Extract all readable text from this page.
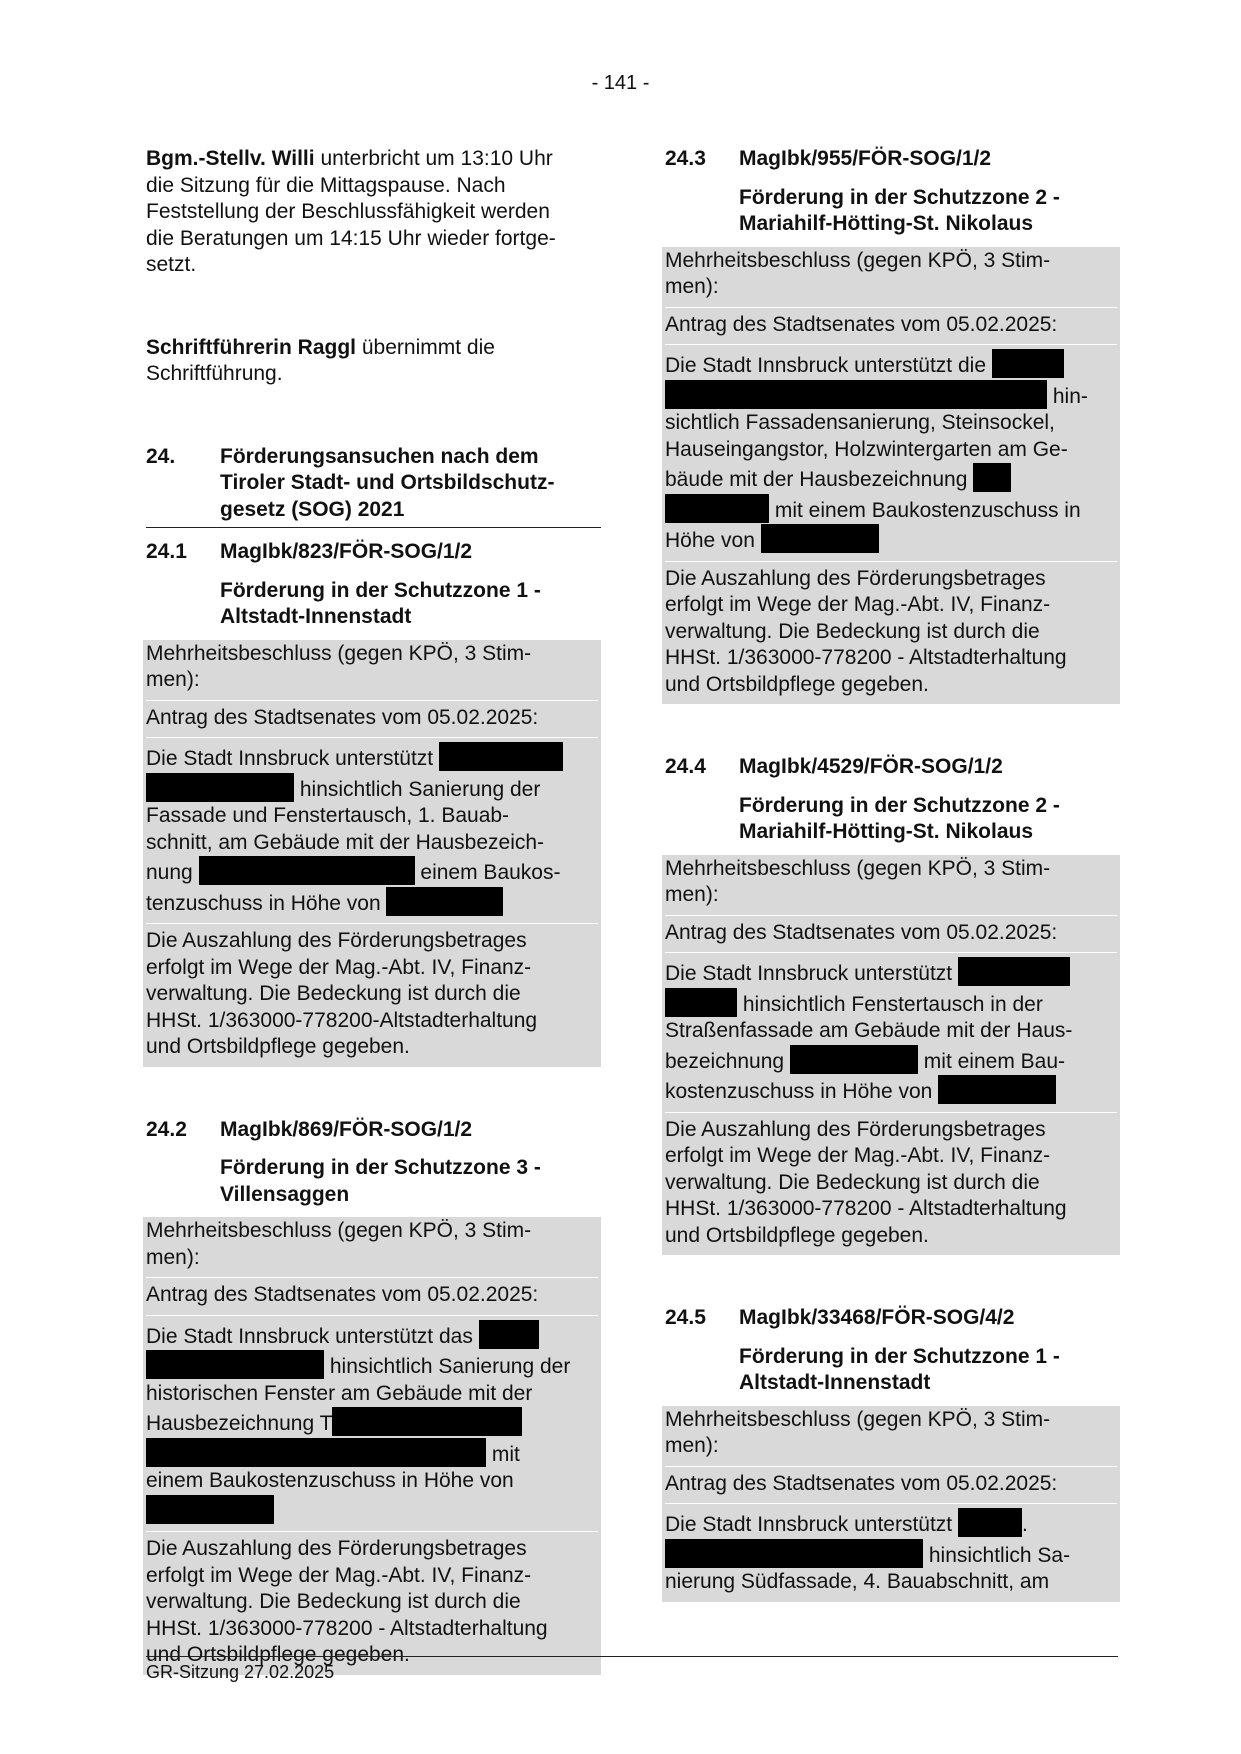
- 141 -

Bgm.-Stellv. Willi unterbricht um 13:10 Uhr

die Sitzung für die Mittagspause. Nach

Feststellung der Beschlussfähigkeit werden

die Beratungen um 14:15 Uhr wieder fortge-

setzt.

Schriftführerin Raggl übernimmt die

Schriftführung.

24.	Förderungsansuchen nach dem
Tiroler Stadt- und Ortsbildschutz-
gesetz (SOG) 2021
24.1	MagIbk/823/FÖR-SOG/1/2
Förderung in der Schutzzone 1 -
Altstadt-Innenstadt

Mehrheitsbeschluss (gegen KPÖ, 3 Stim-

men):

Antrag des Stadtsenates vom 05.02.2025:

Die Stadt Innsbruck unterstützt

hinsichtlich Sanierung der

Fassade und Fenstertausch, 1. Bauab-

schnitt, am Gebäude mit der Hausbezeich-

nung	einem Baukos-

tenzuschuss in Höhe von

Die Auszahlung des Förderungsbetrages

erfolgt im Wege der Mag.-Abt. IV, Finanz-

verwaltung. Die Bedeckung ist durch die

HHSt. 1/363000-778200-Altstadterhaltung

und Ortsbildpflege gegeben.

24.2	MagIbk/869/FÖR-SOG/1/2
Förderung in der Schutzzone 3 -
Villensaggen

Mehrheitsbeschluss (gegen KPÖ, 3 Stim-

men):

Antrag des Stadtsenates vom 05.02.2025:

Die Stadt Innsbruck unterstützt das

hinsichtlich Sanierung der

historischen Fenster am Gebäude mit der

Hausbezeichnung T

mit

einem Baukostenzuschuss in Höhe von

Die Auszahlung des Förderungsbetrages

erfolgt im Wege der Mag.-Abt. IV, Finanz-

verwaltung. Die Bedeckung ist durch die

HHSt. 1/363000-778200 - Altstadterhaltung

und Ortsbildpflege gegeben.

24.3	MagIbk/955/FÖR-SOG/1/2
Förderung in der Schutzzone 2 -
Mariahilf-Hötting-St. Nikolaus

Mehrheitsbeschluss (gegen KPÖ, 3 Stim-

men):

Antrag des Stadtsenates vom 05.02.2025:

Die Stadt Innsbruck unterstützt die

hin-

sichtlich Fassadensanierung, Steinsockel,

Hauseingangstor, Holzwintergarten am Ge-

bäude mit der Hausbezeichnung

mit einem Baukostenzuschuss in

Höhe von

Die Auszahlung des Förderungsbetrages

erfolgt im Wege der Mag.-Abt. IV, Finanz-

verwaltung. Die Bedeckung ist durch die

HHSt. 1/363000-778200 - Altstadterhaltung

und Ortsbildpflege gegeben.

24.4	MagIbk/4529/FÖR-SOG/1/2
Förderung in der Schutzzone 2 -
Mariahilf-Hötting-St. Nikolaus

Mehrheitsbeschluss (gegen KPÖ, 3 Stim-

men):

Antrag des Stadtsenates vom 05.02.2025:

Die Stadt Innsbruck unterstützt

hinsichtlich Fenstertausch in der

Straßenfassade am Gebäude mit der Haus-

bezeichnung	mit einem Bau-

kostenzuschuss in Höhe von

Die Auszahlung des Förderungsbetrages

erfolgt im Wege der Mag.-Abt. IV, Finanz-

verwaltung. Die Bedeckung ist durch die

HHSt. 1/363000-778200 - Altstadterhaltung

und Ortsbildpflege gegeben.

24.5	MagIbk/33468/FÖR-SOG/4/2
Förderung in der Schutzzone 1 -
Altstadt-Innenstadt

Mehrheitsbeschluss (gegen KPÖ, 3 Stim-

men):

Antrag des Stadtsenates vom 05.02.2025:

Die Stadt Innsbruck unterstützt	.

hinsichtlich Sa-

nierung Südfassade, 4. Bauabschnitt, am

GR-Sitzung 27.02.2025
